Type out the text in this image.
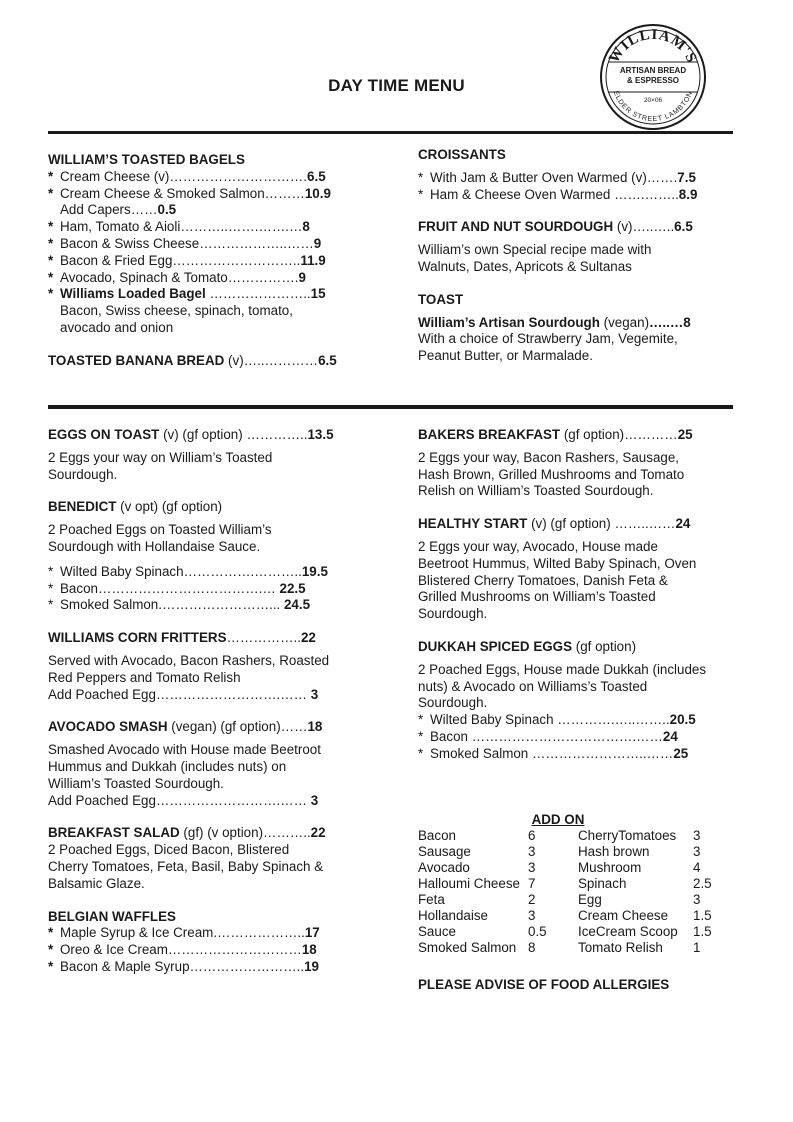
WILLIAM'S
ARTISAN BREAD
& ESPRESSO
20×06
ELDER STREET LAMBTON
DAY TIME MENU
WILLIAM’S TOASTED BAGELS
* Cream Cheese (v)………………………….6.5
* Cream Cheese & Smoked Salmon………10.9
Add Capers……0.5
* Ham, Tomato & Aioli………..…….…….…8
* Bacon & Swiss Cheese………………..……9
* Bacon & Fried Egg………………………..11.9
* Avocado, Spinach & Tomato…………….9
* Williams Loaded Bagel …………………..15
Bacon, Swiss cheese, spinach, tomato,
avocado and onion
TOASTED BANANA BREAD (v)…..…………6.5
CROISSANTS
* With Jam & Butter Oven Warmed (v)…….7.5
* Ham & Cheese Oven Warmed …….……..8.9
FRUIT AND NUT SOURDOUGH (v)…..…..6.5
William’s own Special recipe made with
Walnuts, Dates, Apricots & Sultanas
TOAST
William’s Artisan Sourdough (vegan)…..…8
With a choice of Strawberry Jam, Vegemite,
Peanut Butter, or Marmalade.
EGGS ON TOAST (v) (gf option) …………..13.5
2 Eggs your way on William’s Toasted
Sourdough.
BENEDICT (v opt) (gf option)
2 Poached Eggs on Toasted William’s
Sourdough with Hollandaise Sauce.
* Wilted Baby Spinach…………….………..19.5
* Bacon……………………………….… 22.5
* Smoked Salmon.……………………... 24.5
WILLIAMS CORN FRITTERS……………..22
Served with Avocado, Bacon Rashers, Roasted
Red Peppers and Tomato Relish
Add Poached Egg……………………….…… 3
AVOCADO SMASH (vegan) (gf option)……18
Smashed Avocado with House made Beetroot
Hummus and Dukkah (includes nuts) on
William’s Toasted Sourdough.
Add Poached Egg……………………….…… 3
BREAKFAST SALAD (gf) (v option)………..22
2 Poached Eggs, Diced Bacon, Blistered
Cherry Tomatoes, Feta, Basil, Baby Spinach &
Balsamic Glaze.
BELGIAN WAFFLES
* Maple Syrup & Ice Cream.………………..17
* Oreo & Ice Cream…………………………18
* Bacon & Maple Syrup……………………..19
BAKERS BREAKFAST (gf option)…………25
2 Eggs your way, Bacon Rashers, Sausage,
Hash Brown, Grilled Mushrooms and Tomato
Relish on William’s Toasted Sourdough.
HEALTHY START (v) (gf option) ……..……24
2 Eggs your way, Avocado, House made
Beetroot Hummus, Wilted Baby Spinach, Oven
Blistered Cherry Tomatoes, Danish Feta &
Grilled Mushrooms on William’s Toasted
Sourdough.
DUKKAH SPICED EGGS (gf option)
2 Poached Eggs, House made Dukkah (includes
nuts) & Avocado on Williams’s Toasted
Sourdough.
* Wilted Baby Spinach ………….…..……..20.5
* Bacon ……………………………….……24
* Smoked Salmon ……………………..……25
ADD ON
Bacon	6	CherryTomatoes 3
Sausage	3	Hash brown	3
Avocado	3	Mushroom	4
Halloumi Cheese 7	Spinach	2.5
Feta	2	Egg	3
Hollandaise	3	Cream Cheese 1.5
Sauce	0.5 IceCream Scoop 1.5
Smoked Salmon 8	Tomato Relish 1
PLEASE ADVISE OF FOOD ALLERGIES
